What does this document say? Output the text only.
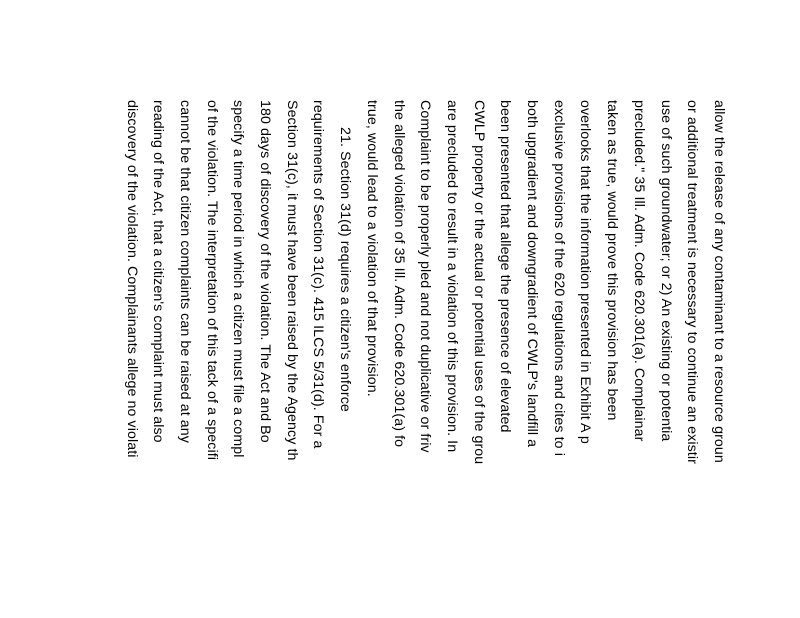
allow the release of any contaminant to a resource groun
or additional treatment is necessary to continue an existir
use of such groundwater; or 2) An existing or potentia
precluded." 35 Ill. Adm. Code 620.301(a). Complainar
taken as true, would prove this provision has been
overlooks that the information presented in Exhibit A p
exclusive provisions of the 620 regulations and cites to i
both upgradient and downgradient of CWLP's landfill a
been presented that allege the presence of elevated
CWLP property or the actual or potential uses of the grou
are precluded to result in a violation of this provision. In
Complaint to be properly pled and not duplicative or friv
the alleged violation of 35 Ill. Adm. Code 620.301(a) fo
true, would lead to a violation of that provision.
21. Section 31(d) requires a citizen's enforce
requirements of Section 31(c). 415 ILCS 5/31(d). For a
Section 31(c), it must have been raised by the Agency th
180 days of discovery of the violation. The Act and Bo
specify a time period in which a citizen must file a compl
of the violation. The interpretation of this tack of a specifi
cannot be that citizen complaints can be raised at any
reading of the Act, that a citizen's complaint must also
discovery of the violation. Complainants allege no violati
